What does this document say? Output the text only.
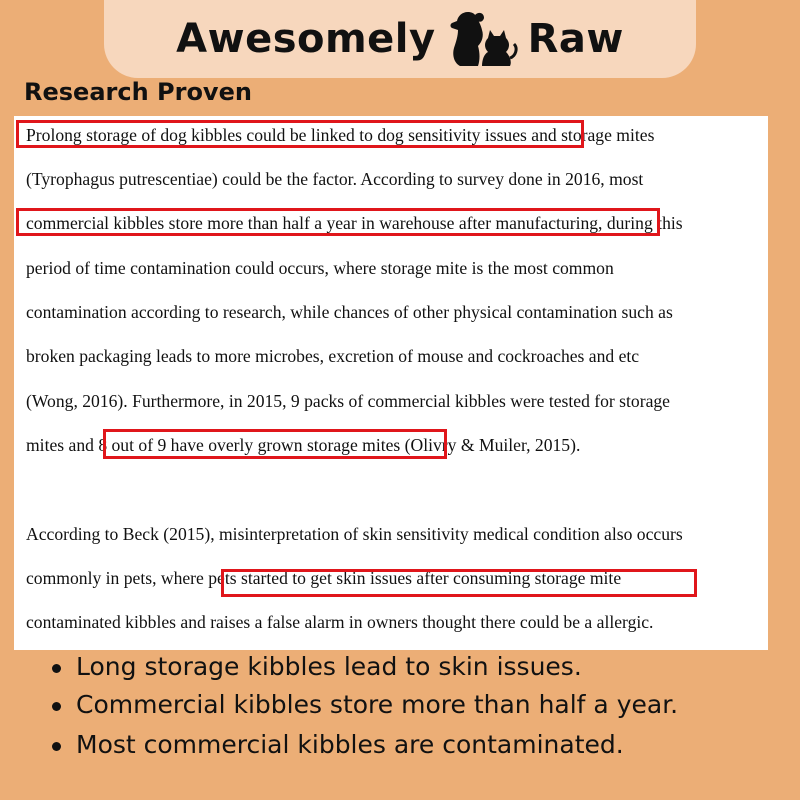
Awesomely Raw
Research Proven
Prolong storage of dog kibbles could be linked to dog sensitivity issues and storage mites
(Tyrophagus putrescentiae) could be the factor. According to survey done in 2016, most
commercial kibbles store more than half a year in warehouse after manufacturing, during this
period of time contamination could occurs, where storage mite is the most common
contamination according to research, while chances of other physical contamination such as
broken packaging leads to more microbes, excretion of mouse and cockroaches and etc
(Wong, 2016). Furthermore, in 2015, 9 packs of commercial kibbles were tested for storage
mites and 8 out of 9 have overly grown storage mites (Olivry & Muiler, 2015).
According to Beck (2015), misinterpretation of skin sensitivity medical condition also occurs
commonly in pets, where pets started to get skin issues after consuming storage mite
contaminated kibbles and raises a false alarm in owners thought there could be a allergic.
Long storage kibbles lead to skin issues.
Commercial kibbles store more than half a year.
Most commercial kibbles are contaminated.
